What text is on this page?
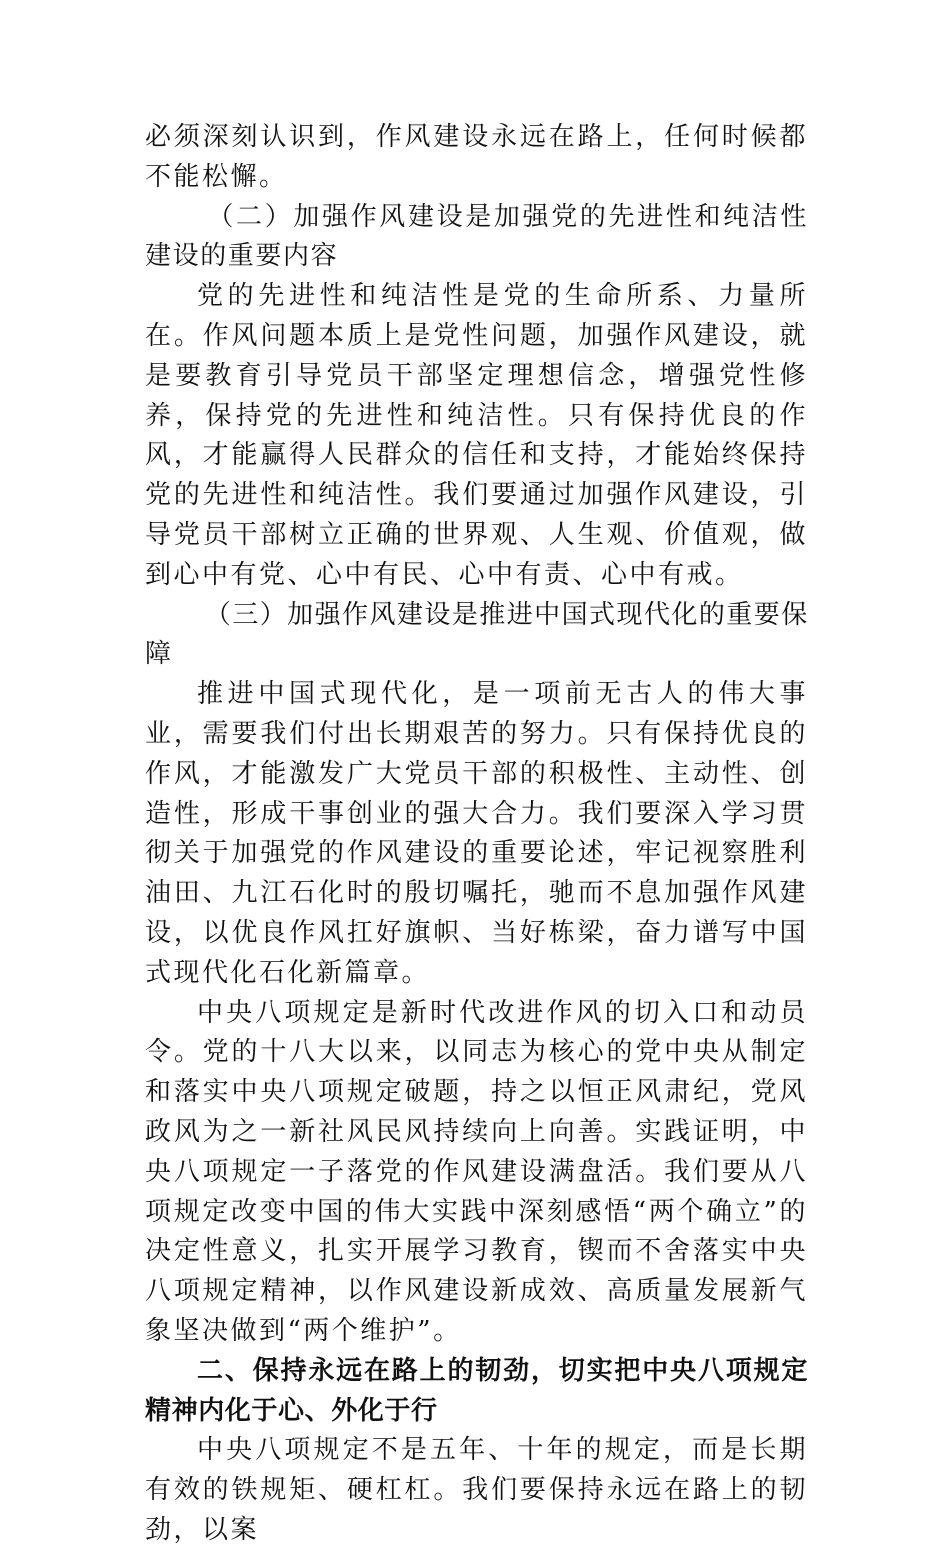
必须深刻认识到，作风建设永远在路上，任何时候都不能松懈。

（二）加强作风建设是加强党的先进性和纯洁性建设的重要内容

党的先进性和纯洁性是党的生命所系、力量所在。作风问题本质上是党性问题，加强作风建设，就是要教育引导党员干部坚定理想信念，增强党性修养，保持党的先进性和纯洁性。只有保持优良的作风，才能赢得人民群众的信任和支持，才能始终保持党的先进性和纯洁性。我们要通过加强作风建设，引导党员干部树立正确的世界观、人生观、价值观，做到心中有党、心中有民、心中有责、心中有戒。

（三）加强作风建设是推进中国式现代化的重要保障

推进中国式现代化，是一项前无古人的伟大事业，需要我们付出长期艰苦的努力。只有保持优良的作风，才能激发广大党员干部的积极性、主动性、创造性，形成干事创业的强大合力。我们要深入学习贯彻关于加强党的作风建设的重要论述，牢记视察胜利油田、九江石化时的殷切嘱托，驰而不息加强作风建设，以优良作风扛好旗帜、当好栋梁，奋力谱写中国式现代化石化新篇章。

中央八项规定是新时代改进作风的切入口和动员令。党的十八大以来，以同志为核心的党中央从制定和落实中央八项规定破题，持之以恒正风肃纪，党风政风为之一新社风民风持续向上向善。实践证明，中央八项规定一子落党的作风建设满盘活。我们要从八项规定改变中国的伟大实践中深刻感悟“两个确立”的决定性意义，扎实开展学习教育，锲而不舍落实中央八项规定精神，以作风建设新成效、高质量发展新气象坚决做到“两个维护”。

二、保持永远在路上的韧劲，切实把中央八项规定精神内化于心、外化于行

中央八项规定不是五年、十年的规定，而是长期有效的铁规矩、硬杠杠。我们要保持永远在路上的韧劲，以案
